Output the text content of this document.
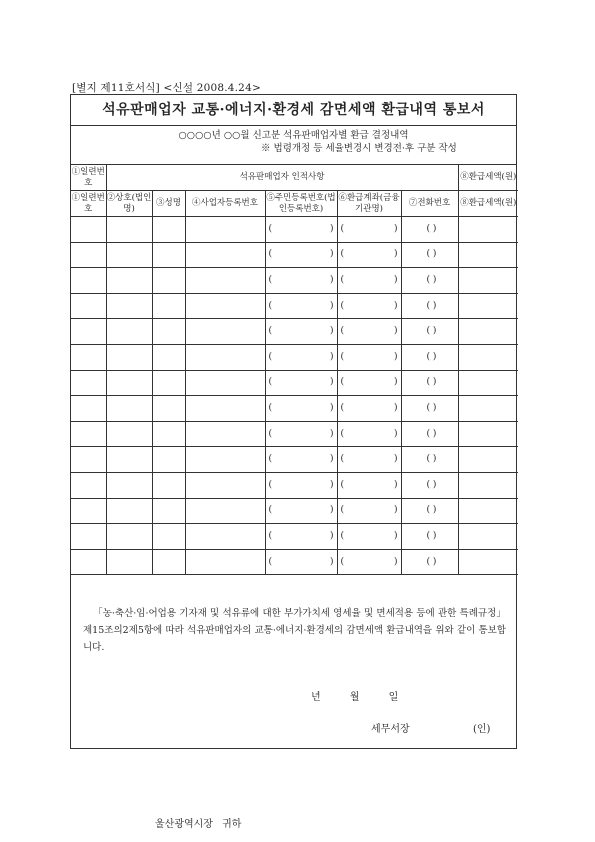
[별지 제11호서식] <신설 2008.4.24>
석유판매업자 교통·에너지·환경세 감면세액 환급내역 통보서
○○○○년 ○○월 신고분 석유판매업자별 환급 결정내역
※ 법령개정 등 세율변경시 변경전·후 구분 작성
①일련번호	석유판매업자 인적사항						⑧환급세액(원)
①일련번호	②상호(법인명)	③성명	④사업자등록번호	⑤주민등록번호(법인등록번호)	⑥환급계좌(금융기관명)	⑦전화번호	⑧환급세액(원)

				( )	( )	( )	

				( )	( )	( )	

				( )	( )	( )	

				( )	( )	( )	

				( )	( )	( )	

				( )	( )	( )	

				( )	( )	( )	

				( )	( )	( )	

				( )	( )	( )	

				( )	( )	( )	

				( )	( )	( )	

				( )	( )	( )	

				( )	( )	( )	

				( )	( )	( )	

「농·축산·임·어업용 기자재 및 석유류에 대한 부가가치세 영세율 및 면세적용 등에 관한 특례규정」 제15조의2제5항에 따라 석유판매업자의 교통·에너지·환경세의 감면세액 환급내역을 위와 같이 통보합니다.

년 월 일
세무서장	(인)
울산광역시장 귀하
